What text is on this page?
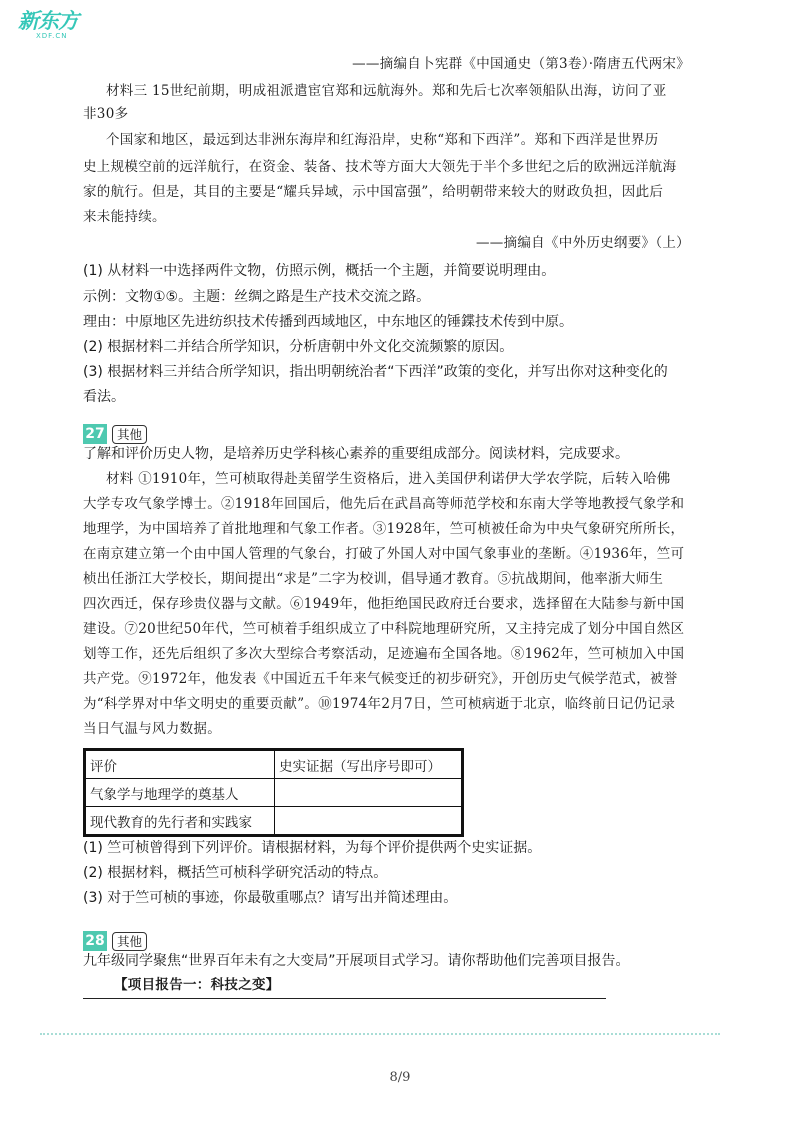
新东方
XDF.CN
——摘编自卜宪群《中国通史（第3卷）·隋唐五代两宋》
材料三 15世纪前期，明成祖派遣宦官郑和远航海外。郑和先后七次率领船队出海，访问了亚
非30多
个国家和地区，最远到达非洲东海岸和红海沿岸，史称“郑和下西洋”。郑和下西洋是世界历
史上规模空前的远洋航行，在资金、装备、技术等方面大大领先于半个多世纪之后的欧洲远洋航海
家的航行。但是，其目的主要是“耀兵异域，示中国富强”，给明朝带来较大的财政负担，因此后
来未能持续。
——摘编自《中外历史纲要》（上）
(1) 从材料一中选择两件文物，仿照示例，概括一个主题，并简要说明理由。
示例：文物①⑤。主题：丝绸之路是生产技术交流之路。
理由：中原地区先进纺织技术传播到西域地区，中东地区的锤鍱技术传到中原。
(2) 根据材料二并结合所学知识，分析唐朝中外文化交流频繁的原因。
(3) 根据材料三并结合所学知识，指出明朝统治者“下西洋”政策的变化，并写出你对这种变化的
看法。
27 其他
了解和评价历史人物，是培养历史学科核心素养的重要组成部分。阅读材料，完成要求。
材料 ①1910年，竺可桢取得赴美留学生资格后，进入美国伊利诺伊大学农学院，后转入哈佛
大学专攻气象学博士。②1918年回国后，他先后在武昌高等师范学校和东南大学等地教授气象学和
地理学，为中国培养了首批地理和气象工作者。③1928年，竺可桢被任命为中央气象研究所所长，
在南京建立第一个由中国人管理的气象台，打破了外国人对中国气象事业的垄断。④1936年，竺可
桢出任浙江大学校长，期间提出“求是”二字为校训，倡导通才教育。⑤抗战期间，他率浙大师生
四次西迁，保存珍贵仪器与文献。⑥1949年，他拒绝国民政府迁台要求，选择留在大陆参与新中国
建设。⑦20世纪50年代，竺可桢着手组织成立了中科院地理研究所，又主持完成了划分中国自然区
划等工作，还先后组织了多次大型综合考察活动，足迹遍布全国各地。⑧1962年，竺可桢加入中国
共产党。⑨1972年，他发表《中国近五千年来气候变迁的初步研究》，开创历史气候学范式，被誉
为“科学界对中华文明史的重要贡献”。⑩1974年2月7日，竺可桢病逝于北京，临终前日记仍记录
当日气温与风力数据。
评价	史实证据（写出序号即可）
气象学与地理学的奠基人	
现代教育的先行者和实践家	
(1) 竺可桢曾得到下列评价。请根据材料，为每个评价提供两个史实证据。
(2) 根据材料，概括竺可桢科学研究活动的特点。
(3) 对于竺可桢的事迹，你最敬重哪点？请写出并简述理由。
28 其他
九年级同学聚焦“世界百年未有之大变局”开展项目式学习。请你帮助他们完善项目报告。
【项目报告一：科技之变】
8/9
